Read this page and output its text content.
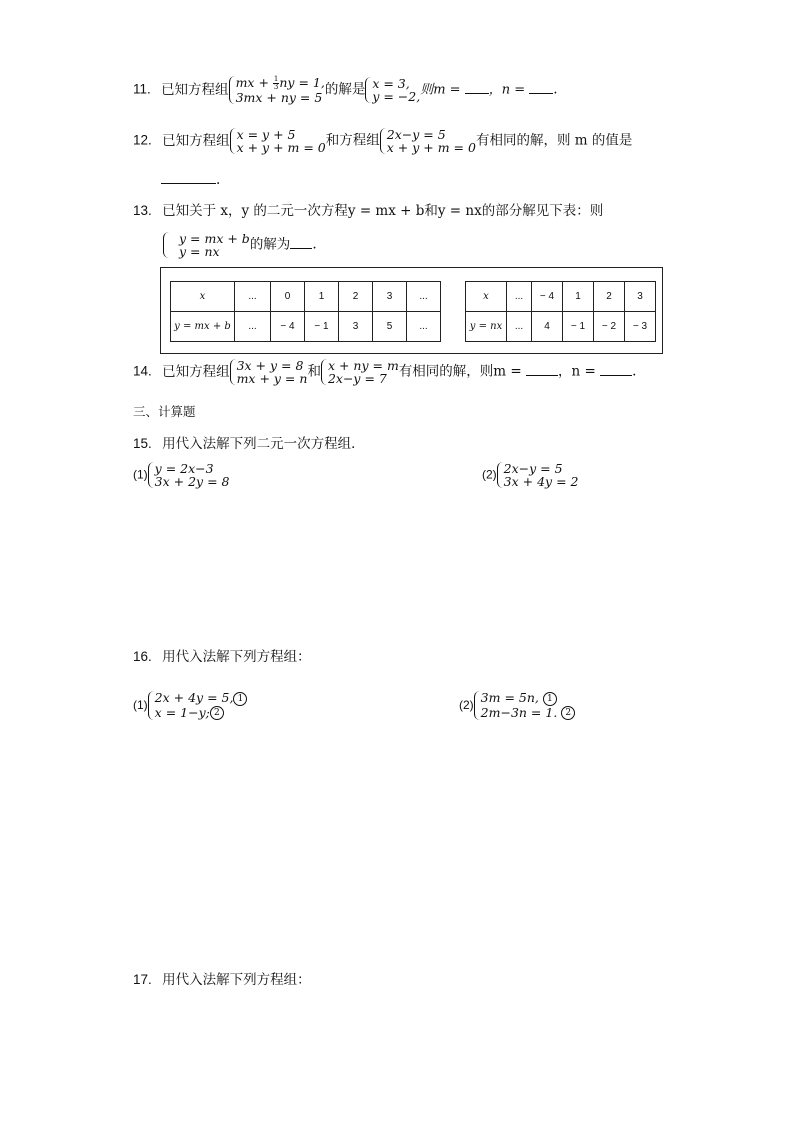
11. 已知方程组 mx + $\frac{1}{3}$ ny = 1,
3mx + ny = 5 的解是 x = 3,
y = −2, 则m = ，n = .
12. 已知方程组 x = y + 5
x + y + m = 0 和方程组 2x−y = 5
x + y + m = 0 有相同的解，则 m 的值是
.
13. 已知关于 x，y 的二元一次方程y = mx + b和y = nx的部分解见下表：则
y = mx + b
y = nx	的解为 .
x	...	0	1	2	3	...
y = mx + b	...	− 4	− 1	3	5	...
x	...	− 4	1	2	3
y = nx	...	4	− 1	− 2	− 3
14. 已知方程组 3x + y = 8
mx + y = n 和 x + ny = m
2x−y = 7 有相同的解，则m = ，n = .
三、计算题
15. 用代入法解下列二元一次方程组．
(1) y = 2x−3
3x + 2y = 8	(2) 2x−y = 5
3x + 4y = 2
16. 用代入法解下列方程组：
(1) 2x + 4y = 5, 1
x = 1−y; 2
(2) 3m = 5n, 1
2m−3n = 1. 2
17. 用代入法解下列方程组：
